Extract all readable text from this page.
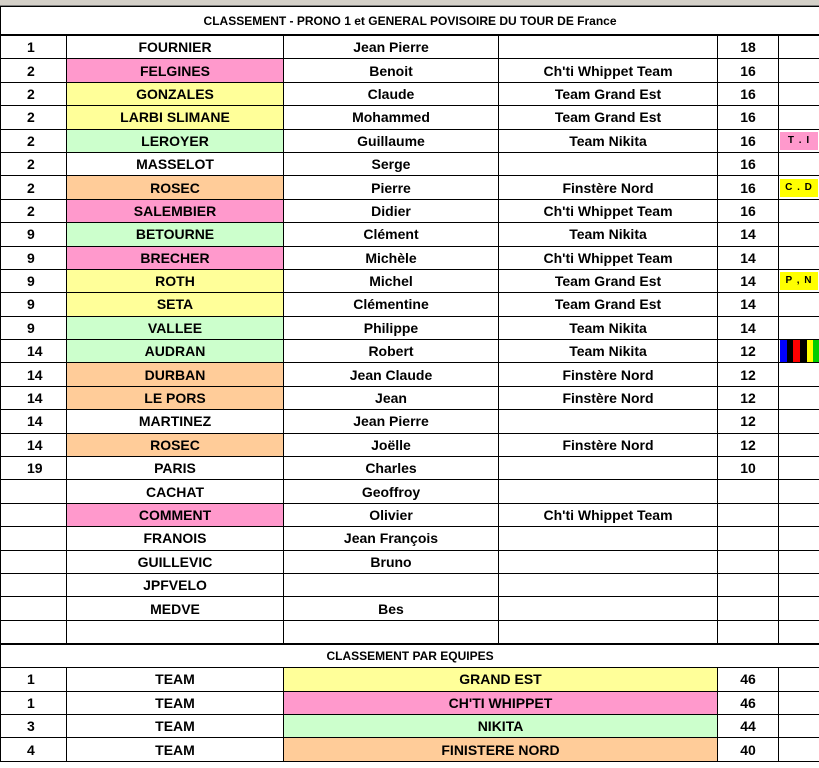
CLASSEMENT - PRONO 1 et GENERAL POVISOIRE DU TOUR DE France					
1	FOURNIER	Jean Pierre		18	
2	FELGINES	Benoit	Ch'ti Whippet Team	16	
2	GONZALES	Claude	Team Grand Est	16	
2	LARBI SLIMANE	Mohammed	Team Grand Est	16	
2	LEROYER	Guillaume	Team Nikita	16	T . I

2	MASSELOT	Serge		16	
2	ROSEC	Pierre	Finstère Nord	16	C . D

2	SALEMBIER	Didier	Ch'ti Whippet Team	16	
9	BETOURNE	Clément	Team Nikita	14	
9	BRECHER	Michèle	Ch'ti Whippet Team	14	
9	ROTH	Michel	Team Grand Est	14	P , N

9	SETA	Clémentine	Team Grand Est	14	
9	VALLEE	Philippe	Team Nikita	14	
14	AUDRAN	Robert	Team Nikita	12	

14	DURBAN	Jean Claude	Finstère Nord	12	
14	LE PORS	Jean	Finstère Nord	12	
14	MARTINEZ	Jean Pierre		12	
14	ROSEC	Joëlle	Finstère Nord	12	
19	PARIS	Charles		10	
	CACHAT	Geoffroy			
	COMMENT	Olivier	Ch'ti Whippet Team		
	FRANOIS	Jean François			
	GUILLEVIC	Bruno			
	JPFVELO				
	MEDVE	Bes			

CLASSEMENT PAR EQUIPES					
1	TEAM	GRAND EST		46	
1	TEAM	CH'TI WHIPPET		46	
3	TEAM	NIKITA		44	
4	TEAM	FINISTERE NORD		40	
